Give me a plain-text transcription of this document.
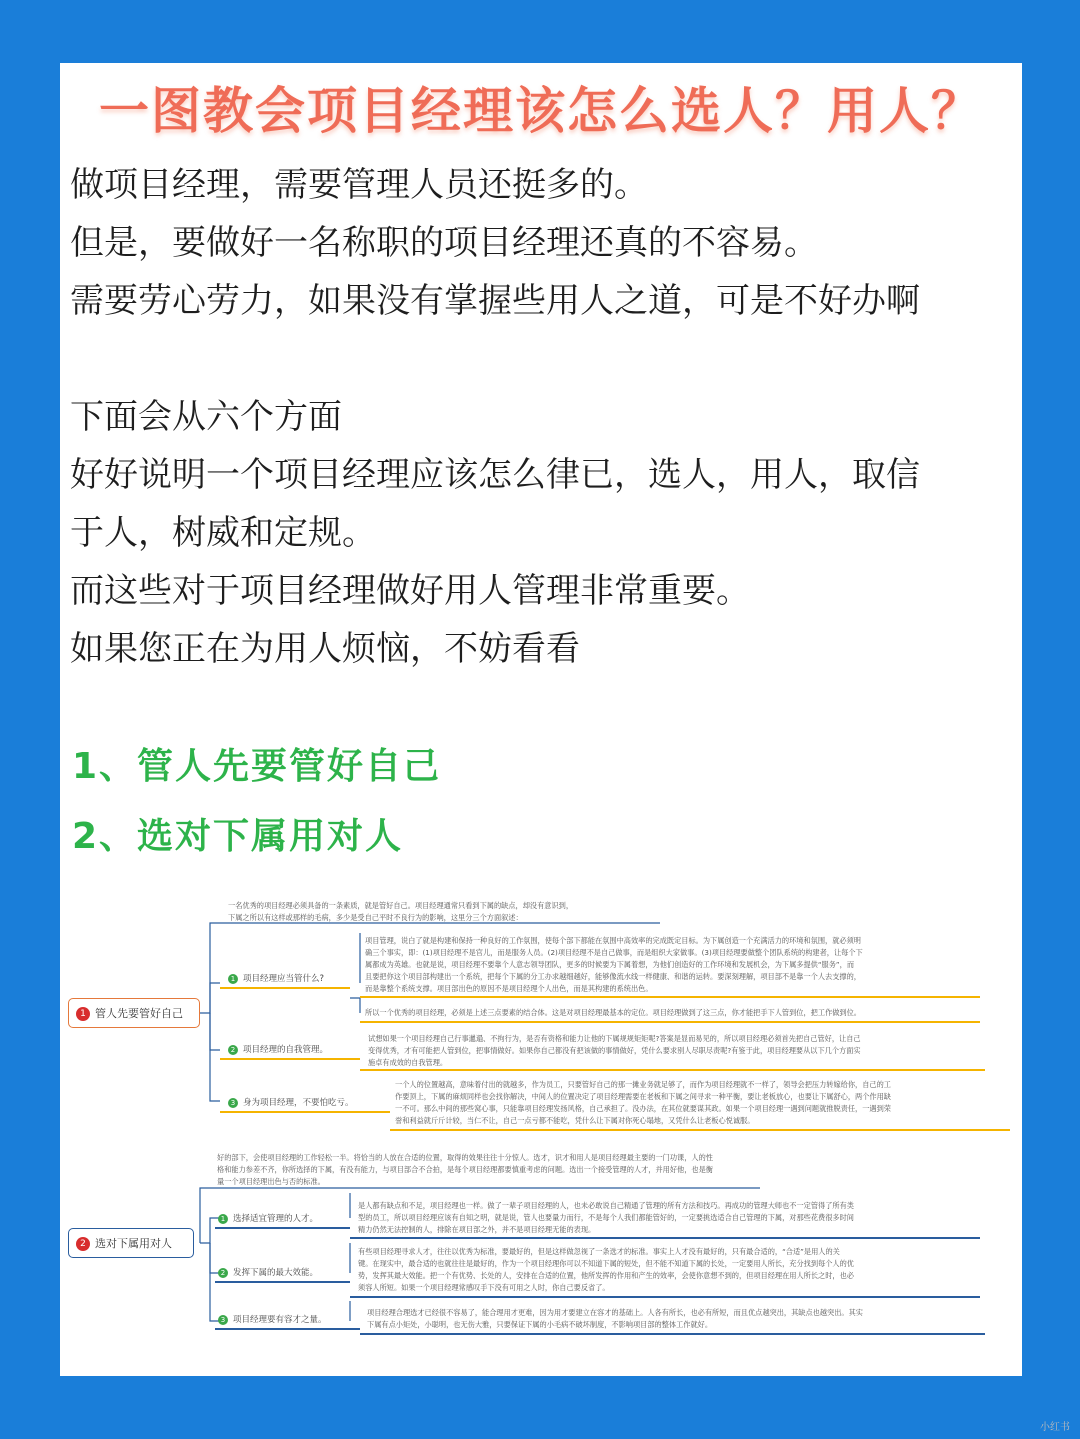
一图教会项目经理该怎么选人？用人？

做项目经理，需要管理人员还挺多的。

但是，要做好一名称职的项目经理还真的不容易。

需要劳心劳力，如果没有掌握些用人之道，可是不好办啊

下面会从六个方面

好好说明一个项目经理应该怎么律已，选人，用人，取信

于人，树威和定规。

而这些对于项目经理做好用人管理非常重要。

如果您正在为用人烦恼，不妨看看

1、管人先要管好自己
2、选对下属用对人
1 管人先要管好自己
一名优秀的项目经理必须具备的一条素质，就是管好自己。项目经理通常只看到下属的缺点，却没有意识到，
下属之所以有这样或那样的毛病，多少是受自己平时不良行为的影响，这里分三个方面叙述：
1 项目经理应当管什么?
项目管理，说白了就是构建和保持一种良好的工作氛围，使每个部下都能在氛围中高效率的完成既定目标。为下属创造一个充满活力的环境和氛围，就必须明
确三个事实，即：(1)项目经理不是官儿，而是服务人员。(2)项目经理不是自己做事，而是组织大家做事。(3)项目经理要做整个团队系统的构建者，让每个下
属都成为英雄。也就是说，项目经理不要靠个人意志领导团队，更多的时候要为下属着想，为他们创造好的工作环境和发展机会，为下属多提供“服务”，而
且要把你这个项目部构建出一个系统，把每个下属的分工办求越细越好，能够像流水线一样健康、和谐的运转。要深刻理解，项目部不是靠一个人去支撑的，
而是靠整个系统支撑。项目部出色的原因不是项目经理个人出色，而是其构建的系统出色。
所以一个优秀的项目经理，必须是上述三点要素的结合体。这是对项目经理最基本的定位。项目经理做到了这三点，你才能把手下人管到位，把工作做到位。
2 项目经理的自我管理。
试想如果一个项目经理自己行事邋遢、不拘行为，是否有资格和能力让他的下属规规矩矩呢?答案是显而易见的，所以项目经理必须首先把自己管好，让自己
变得优秀，才有可能把人管到位，把事情做好。如果你自己都没有把该做的事情做好，凭什么要求别人尽职尽责呢?有鉴于此，项目经理要从以下几个方面实
施卓有成效的自我管理。
3 身为项目经理，不要怕吃亏。
一个人的位置越高，意味着付出的就越多，作为员工，只要管好自己的那一摊业务就足够了，而作为项目经理就不一样了，领导会把压力转嫁给你，自己的工
作要顶上，下属的麻烦同样也会找你解决，中间人的位置决定了项目经理需要在老板和下属之间寻求一种平衡，要让老板放心，也要让下属舒心，两个作用缺
一不可。那么中间的那些窝心事，只能靠项目经理发扬风格，自己承担了。没办法，在其位就要谋其政。如果一个项目经理一遇到问题就推脱责任，一遇到荣
誉和利益就斤斤计较，当仁不让，自己一点亏都不能吃，凭什么让下属对你死心塌地，又凭什么让老板心悦诚服。
2 选对下属用对人
好的部下，会使项目经理的工作轻松一半。将恰当的人放在合适的位置，取得的效果往往十分惊人。选才，识才和用人是项目经理最主要的一门功课，人的性
格和能力参差不齐，你所选择的下属，有没有能力，与项目部合不合拍，是每个项目经理都要慎重考虑的问题。选出一个接受管理的人才，并用好他，也是衡
量一个项目经理出色与否的标准。
1 选择适宜管理的人才。
是人都有缺点和不足，项目经理也一样。做了一辈子项目经理的人，也未必敢说自己精通了管理的所有方法和技巧。再成功的管理大师也不一定管得了所有类
型的员工，所以项目经理应该有自知之明，就是说，管人也要量力而行，不是每个人我们都能管好的，一定要挑选适合自己管理的下属，对那些花费很多时间
精力仍然无法控制的人，排除在项目部之外，并不是项目经理无能的表现。
2 发挥下属的最大效能。
有些项目经理寻求人才，往往以优秀为标准，要最好的，但是这样做忽视了一条选才的标准。事实上人才没有最好的，只有最合适的，“合适”是用人的关
键。在现实中，最合适的也就往往是最好的，作为一个项目经理你可以不知道下属的短处，但不能不知道下属的长处，一定要用人所长，充分找到每个人的优
势，发挥其最大效能。把一个有优势、长处的人，安排在合适的位置，他所发挥的作用和产生的效率，会使你意想不到的，但项目经理在用人所长之时，也必
须容人所短。如果一个项目经理常感叹手下没有可用之人时，你自己要反省了。
3 项目经理要有容才之量。
项目经理合理选才已经很不容易了，能合理用才更难，因为用才要建立在容才的基础上。人各有所长，也必有所短，而且优点越突出，其缺点也越突出。其实
下属有点小矩处，小聪明，也无伤大雅，只要保证下属的小毛病不破坏制度，不影响项目部的整体工作就好。
小红书
